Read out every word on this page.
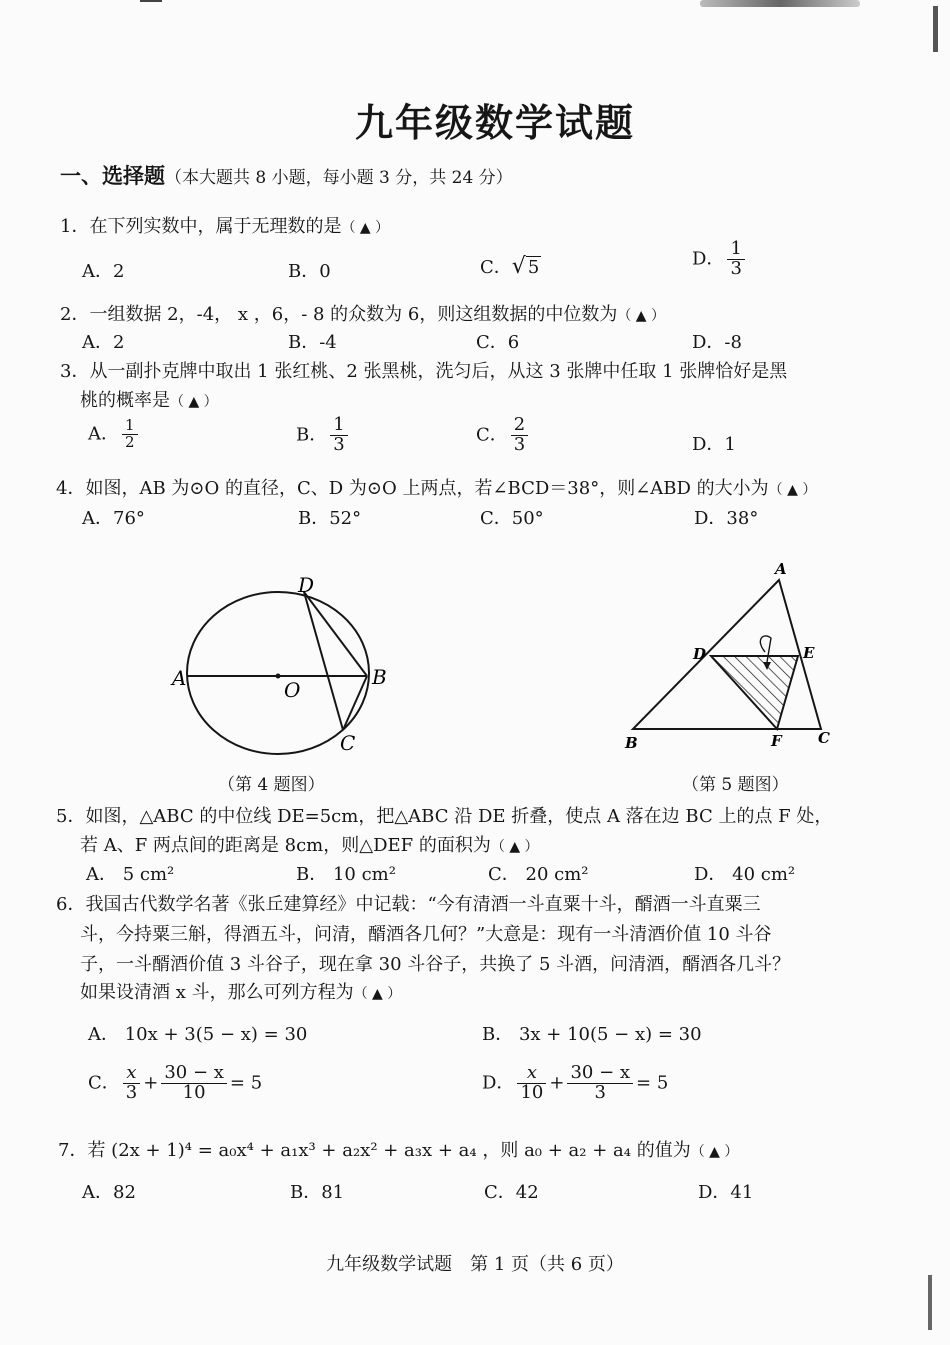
九年级数学试题
一、选择题（本大题共 8 小题，每小题 3 分，共 24 分）
1．在下列实数中，属于无理数的是（ ▲ ）
A．2	B．0	C．√ 5	D． $\frac{1}{3}$
2．一组数据 2，-4， x ，6，- 8 的众数为 6，则这组数据的中位数为（ ▲ ）
A．2	B．-4	C．6	D．-8
3．从一副扑克牌中取出 1 张红桃、2 张黑桃，洗匀后，从这 3 张牌中任取 1 张牌恰好是黑
桃的概率是（ ▲ ）
A． $\frac{1}{2}$	B． $\frac{1}{3}$	C． $\frac{2}{3}$	D．1
4．如图，AB 为⊙O 的直径，C、D 为⊙O 上两点，若∠BCD＝38°，则∠ABD 的大小为（ ▲ ）
A．76°	B．52°	C．50°	D．38°
D
A	B
O
C
（第 4 题图）
A
D	E
B	F C
（第 5 题图）
5．如图，△ABC 的中位线 DE=5cm，把△ABC 沿 DE 折叠，使点 A 落在边 BC 上的点 F 处，
若 A、F 两点间的距离是 8cm，则△DEF 的面积为（ ▲ ）
A． 5 cm²	B． 10 cm²	C． 20 cm²	D． 40 cm²
6．我国古代数学名著《张丘建算经》中记载：“今有清酒一斗直粟十斗，醑酒一斗直粟三
斗，今持粟三斛，得酒五斗，问清，醑酒各几何？”大意是：现有一斗清酒价值 10 斗谷
子，一斗醑酒价值 3 斗谷子，现在拿 30 斗谷子，共换了 5 斗酒，问清酒，醑酒各几斗？
如果设清酒 x 斗，那么可列方程为（ ▲ ）
A． 10x + 3(5 − x) = 30	B． 3x + 10(5 − x) = 30
C． $\frac{x}{3} + \frac{30 - x}{10} = 5$	D． $\frac{x}{10} + \frac{30 - x}{3} = 5$
7．若 (2x + 1)⁴ = a₀x⁴ + a₁x³ + a₂x² + a₃x + a₄ ，则 a₀ + a₂ + a₄ 的值为（ ▲ ）
A．82	B．81	C．42	D．41
九年级数学试题　第 1 页（共 6 页）
